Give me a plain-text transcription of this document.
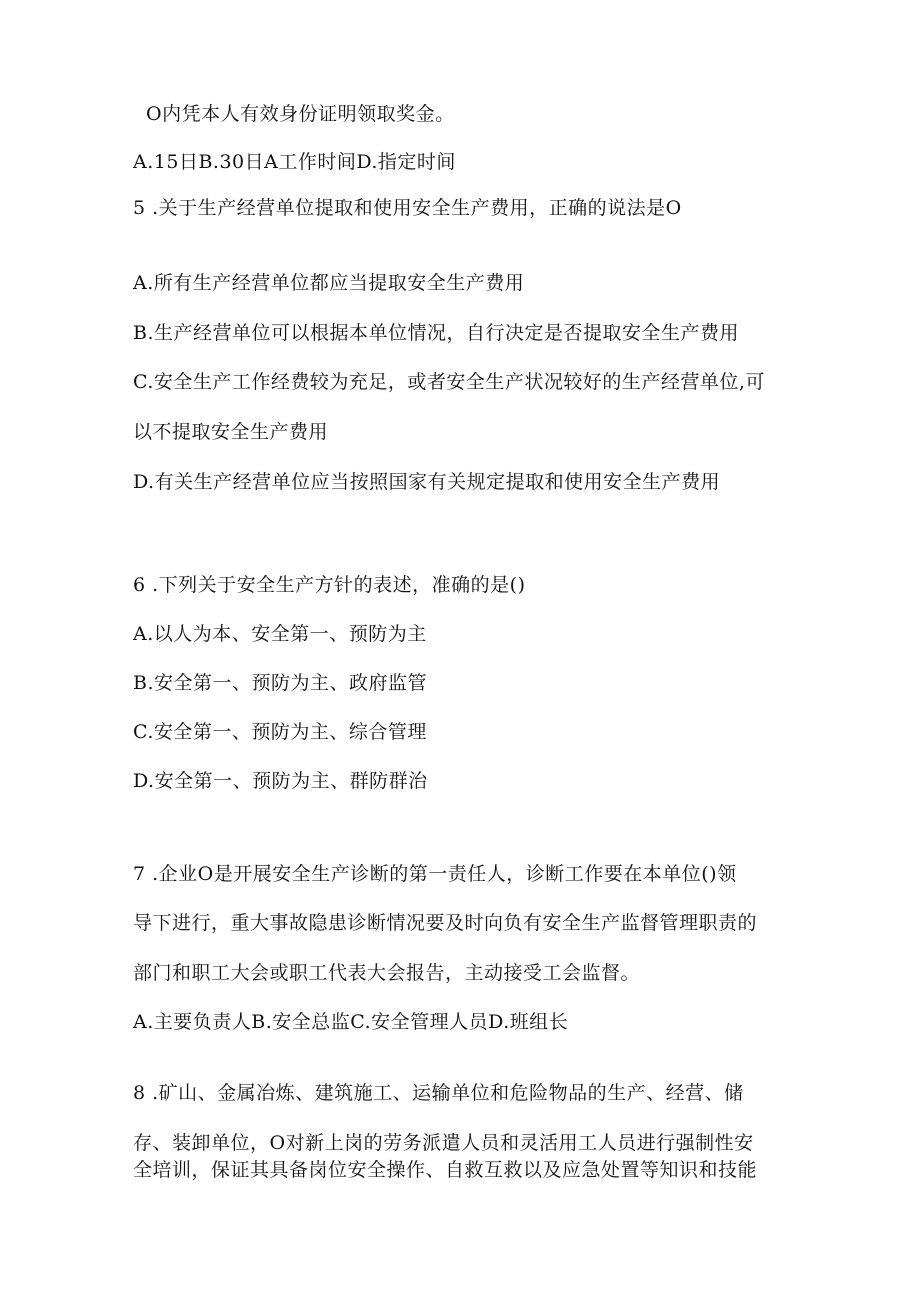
O内凭本人有效身份证明领取奖金。
A.15日B.30日A工作时间D.指定时间
5 .关于生产经营单位提取和使用安全生产费用，正确的说法是O
A.所有生产经营单位都应当提取安全生产费用
B.生产经营单位可以根据本单位情况，自行决定是否提取安全生产费用
C.安全生产工作经费较为充足，或者安全生产状况较好的生产经营单位,可
以不提取安全生产费用
D.有关生产经营单位应当按照国家有关规定提取和使用安全生产费用
6 .下列关于安全生产方针的表述，准确的是()
A.以人为本、安全第一、预防为主
B.安全第一、预防为主、政府监管
C.安全第一、预防为主、综合管理
D.安全第一、预防为主、群防群治
7 .企业O是开展安全生产诊断的第一责任人，诊断工作要在本单位()领
导下进行，重大事故隐患诊断情况要及时向负有安全生产监督管理职责的
部门和职工大会或职工代表大会报告，主动接受工会监督。
A.主要负责人B.安全总监C.安全管理人员D.班组长
8 .矿山、金属冶炼、建筑施工、运输单位和危险物品的生产、经营、储
存、装卸单位，O对新上岗的劳务派遣人员和灵活用工人员进行强制性安
全培训，保证其具备岗位安全操作、自救互救以及应急处置等知识和技能
